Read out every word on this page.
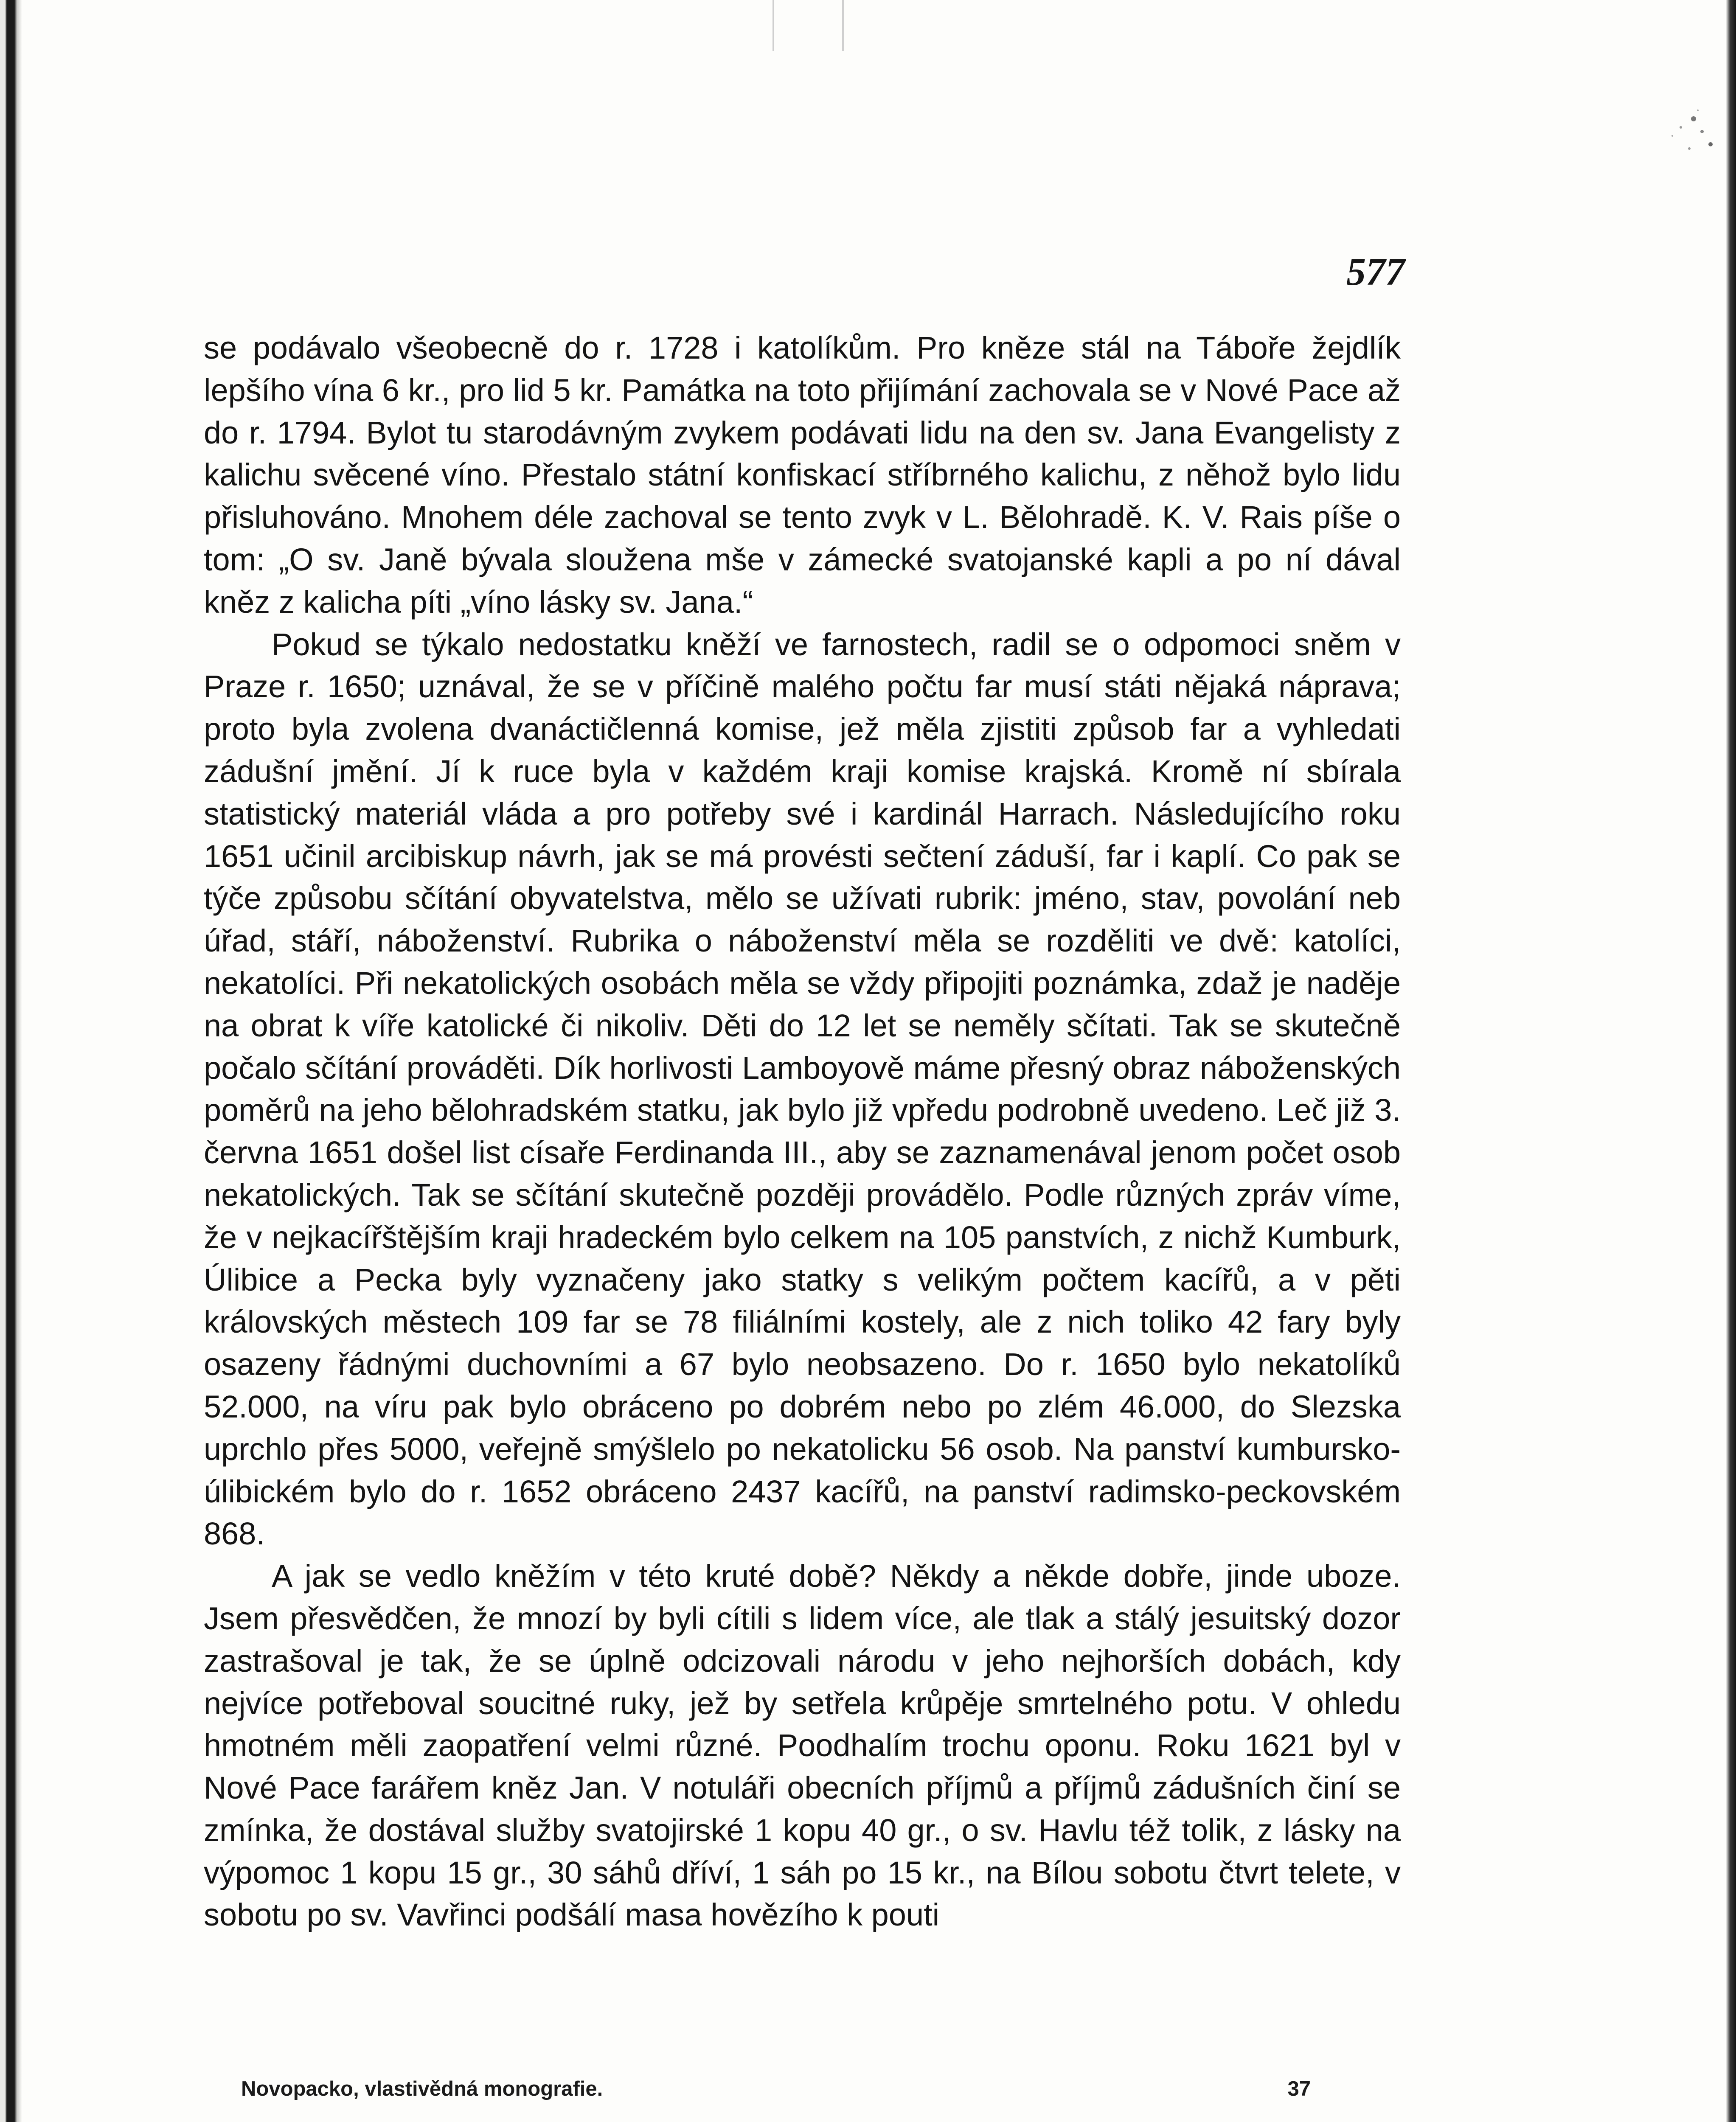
577

se podávalo všeobecně do r. 1728 i katolíkům. Pro kněze stál na Táboře žejdlík lepšího vína 6 kr., pro lid 5 kr. Památka na toto přijímání zachovala se v Nové Pace až do r. 1794. Bylot tu starodávným zvykem podávati lidu na den sv. Jana Evangelisty z kalichu svěcené víno. Přestalo státní konfiskací stříbrného kalichu, z něhož bylo lidu přisluhováno. Mnohem déle zachoval se tento zvyk v L. Bělohradě. K. V. Rais píše o tom: „O sv. Janě bývala sloužena mše v zámecké svatojanské kapli a po ní dával kněz z kalicha píti „víno lásky sv. Jana.“

Pokud se týkalo nedostatku kněží ve farnostech, radil se o odpomoci sněm v Praze r. 1650; uznával, že se v příčině malého počtu far musí státi nějaká náprava; proto byla zvolena dvanáctičlenná komise, jež měla zjistiti způsob far a vyhledati zádušní jmění. Jí k ruce byla v každém kraji komise krajská. Kromě ní sbírala statistický materiál vláda a pro potřeby své i kardinál Harrach. Následujícího roku 1651 učinil arcibiskup návrh, jak se má provésti sečtení záduší, far i kaplí. Co pak se týče způsobu sčítání obyvatelstva, mělo se užívati rubrik: jméno, stav, povolání neb úřad, stáří, náboženství. Rubrika o náboženství měla se rozděliti ve dvě: katolíci, nekatolíci. Při nekatolických osobách měla se vždy připojiti poznámka, zdaž je naděje na obrat k víře katolické či nikoliv. Děti do 12 let se neměly sčítati. Tak se skutečně počalo sčítání prováděti. Dík horlivosti Lamboyově máme přesný obraz náboženských poměrů na jeho bělohradském statku, jak bylo již vpředu podrobně uvedeno. Leč již 3. června 1651 došel list císaře Ferdinanda III., aby se zaznamenával jenom počet osob nekatolických. Tak se sčítání skutečně později provádělo. Podle různých zpráv víme, že v nejkacířštějším kraji hradeckém bylo celkem na 105 panstvích, z nichž Kumburk, Úlibice a Pecka byly vyznačeny jako statky s velikým počtem kacířů, a v pěti královských městech 109 far se 78 filiálními kostely, ale z nich toliko 42 fary byly osazeny řádnými duchovními a 67 bylo neobsazeno. Do r. 1650 bylo nekatolíků 52.000, na víru pak bylo obráceno po dobrém nebo po zlém 46.000, do Slezska uprchlo přes 5000, veřejně smýšlelo po nekatolicku 56 osob. Na panství kumbursko-úlibickém bylo do r. 1652 obráceno 2437 kacířů, na panství radimsko-peckovském 868.

A jak se vedlo kněžím v této kruté době? Někdy a někde dobře, jinde uboze. Jsem přesvědčen, že mnozí by byli cítili s lidem více, ale tlak a stálý jesuitský dozor zastrašoval je tak, že se úplně odcizovali národu v jeho nejhorších dobách, kdy nejvíce potřeboval soucitné ruky, jež by setřela krůpěje smrtelného potu. V ohledu hmotném měli zaopatření velmi různé. Poodhalím trochu oponu. Roku 1621 byl v Nové Pace farářem kněz Jan. V notuláři obecních příjmů a příjmů zádušních činí se zmínka, že dostával služby svatojirské 1 kopu 40 gr., o sv. Havlu též tolik, z lásky na výpomoc 1 kopu 15 gr., 30 sáhů dříví, 1 sáh po 15 kr., na Bílou sobotu čtvrt telete, v sobotu po sv. Vavřinci podšálí masa hovězího k pouti

Novopacko, vlastivědná monografie.	37
